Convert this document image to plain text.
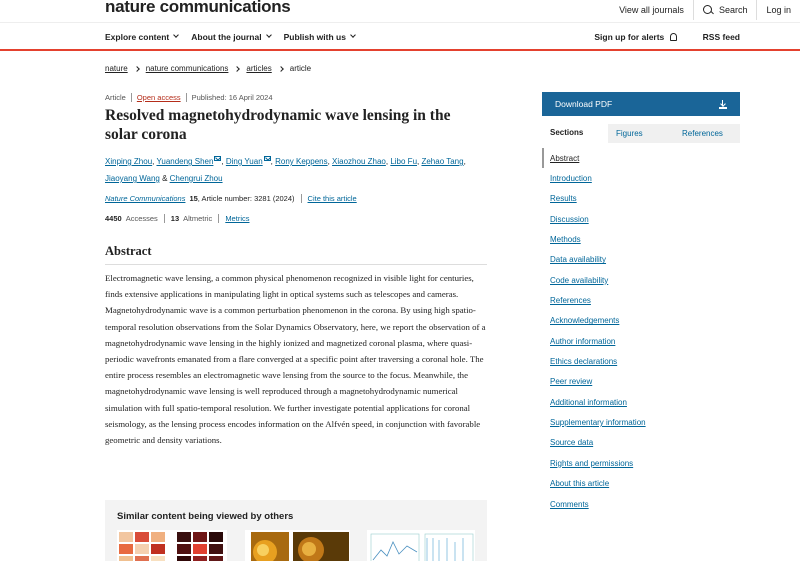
nature communications	View all journals	Search	Log in
Explore content	About the journal	Publish with us	Sign up for alerts	RSS feed
nature nature communications articles article
Article Open access Published: 16 April 2024
Resolved magnetohydrodynamic wave lensing in the solar corona
Xinping Zhou, Yuandeng Shen , Ding Yuan , Rony Keppens, Xiaozhou Zhao, Libo Fu, Zehao Tang,
Jiaoyang Wang & Chengrui Zhou
Nature Communications 15 , Article number: 3281 (2024) Cite this article
4450 Accesses 13 Altmetric Metrics
Abstract

Electromagnetic wave lensing, a common physical phenomenon recognized in visible light for centuries, finds extensive applications in manipulating light in optical systems such as telescopes and cameras. Magnetohydrodynamic wave is a common perturbation phenomenon in the corona. By using high spatio-temporal resolution observations from the Solar Dynamics Observatory, here, we report the observation of a magnetohydrodynamic wave lensing in the highly ionized and magnetized coronal plasma, where quasi-periodic wavefronts emanated from a flare converged at a specific point after traversing a coronal hole. The entire process resembles an electromagnetic wave lensing from the source to the focus. Meanwhile, the magnetohydrodynamic wave lensing is well reproduced through a magnetohydrodynamic numerical simulation with full spatio-temporal resolution. We further investigate potential applications for coronal seismology, as the lensing process encodes information on the Alfvén speed, in conjunction with favorable geometric and density variations.

Similar content being viewed by others
Download PDF
Sections	Figures	References
Abstract
Introduction
Results
Discussion
Methods
Data availability
Code availability
References
Acknowledgements
Author information
Ethics declarations
Peer review
Additional information
Supplementary information
Source data
Rights and permissions
About this article
Comments
